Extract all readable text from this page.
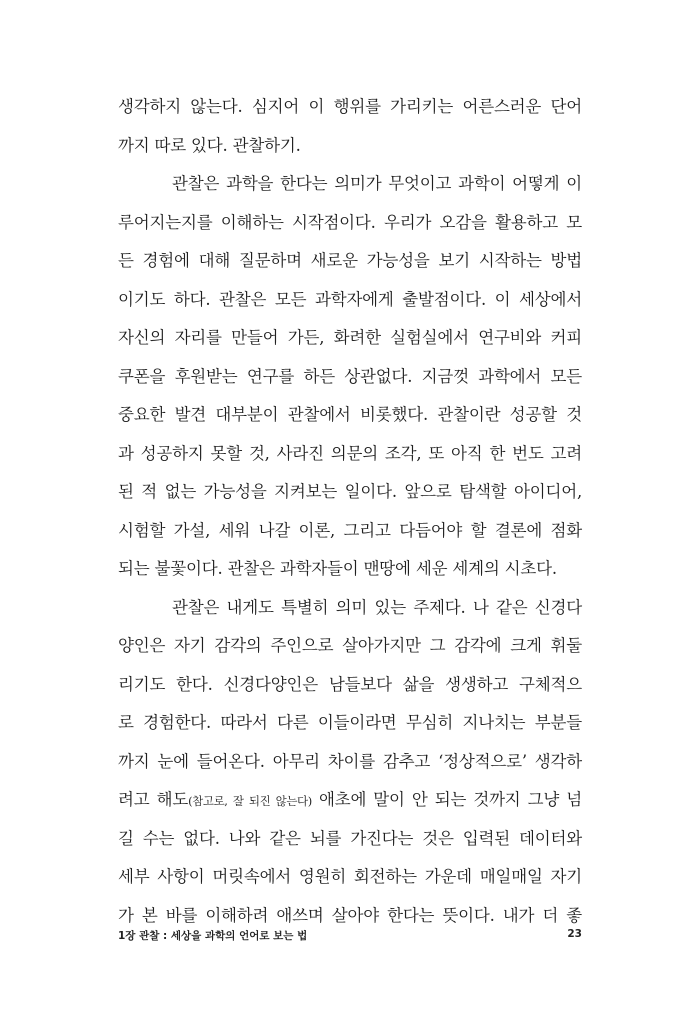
생각하지 않는다. 심지어 이 행위를 가리키는 어른스러운 단어
까지 따로 있다. 관찰하기.
관찰은 과학을 한다는 의미가 무엇이고 과학이 어떻게 이
루어지는지를 이해하는 시작점이다. 우리가 오감을 활용하고 모
든 경험에 대해 질문하며 새로운 가능성을 보기 시작하는 방법
이기도 하다. 관찰은 모든 과학자에게 출발점이다. 이 세상에서
자신의 자리를 만들어 가든, 화려한 실험실에서 연구비와 커피
쿠폰을 후원받는 연구를 하든 상관없다. 지금껏 과학에서 모든
중요한 발견 대부분이 관찰에서 비롯했다. 관찰이란 성공할 것
과 성공하지 못할 것, 사라진 의문의 조각, 또 아직 한 번도 고려
된 적 없는 가능성을 지켜보는 일이다. 앞으로 탐색할 아이디어,
시험할 가설, 세워 나갈 이론, 그리고 다듬어야 할 결론에 점화
되는 불꽃이다. 관찰은 과학자들이 맨땅에 세운 세계의 시초다.
관찰은 내게도 특별히 의미 있는 주제다. 나 같은 신경다
양인은 자기 감각의 주인으로 살아가지만 그 감각에 크게 휘둘
리기도 한다. 신경다양인은 남들보다 삶을 생생하고 구체적으
로 경험한다. 따라서 다른 이들이라면 무심히 지나치는 부분들
까지 눈에 들어온다. 아무리 차이를 감추고 ‘정상적으로’ 생각하
려고 해도(참고로, 잘 되진 않는다) 애초에 말이 안 되는 것까지 그냥 넘
길 수는 없다. 나와 같은 뇌를 가진다는 것은 입력된 데이터와
세부 사항이 머릿속에서 영원히 회전하는 가운데 매일매일 자기
가 본 바를 이해하려 애쓰며 살아야 한다는 뜻이다. 내가 더 좋
1장 관찰 : 세상을 과학의 언어로 보는 법	23
